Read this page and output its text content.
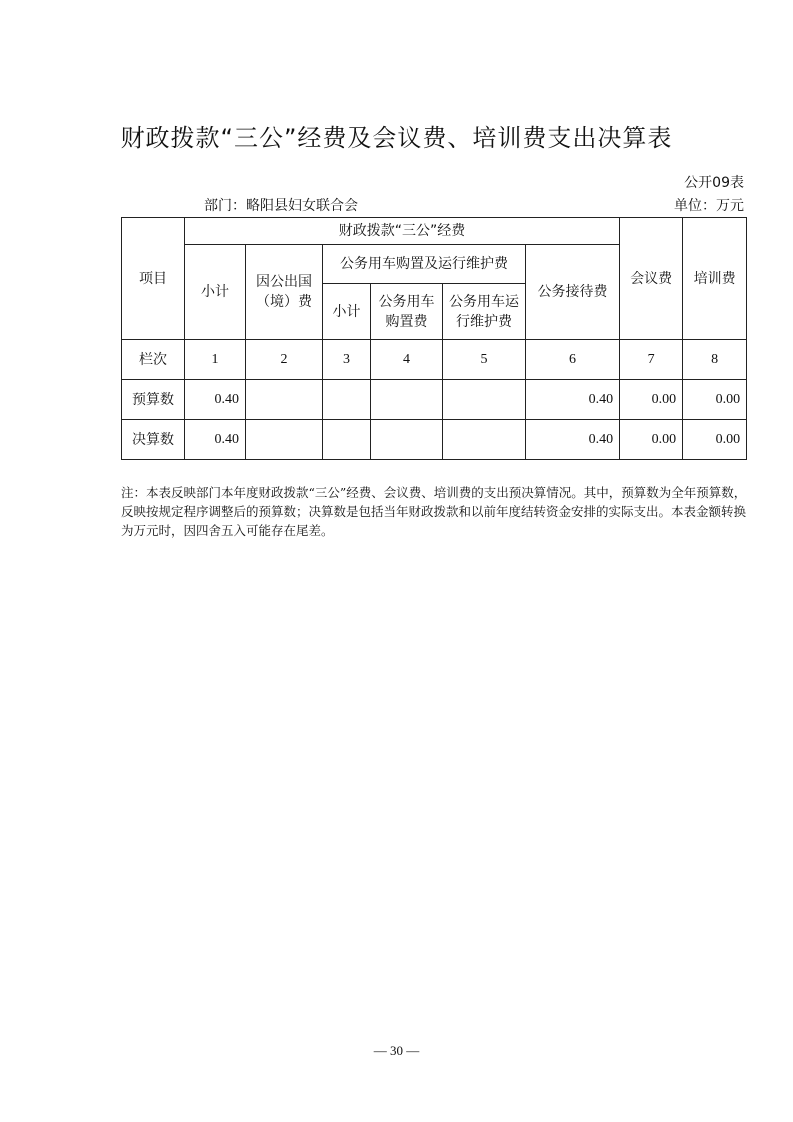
财政拨款“三公”经费及会议费、培训费支出决算表
公开09表
部门：略阳县妇女联合会	单位：万元
项目	财政拨款“三公”经费						会议费	培训费
	小计	因公出国（境）费	公务用车购置及运行维护费			公务接待费		
			小计	公务用车购置费	公务用车运行维护费			
栏次	1	2	3	4	5	6	7	8
预算数	0.40					0.40	0.00	0.00
决算数	0.40					0.40	0.00	0.00
注：本表反映部门本年度财政拨款“三公”经费、会议费、培训费的支出预决算情况。其中，预算数为全年预算数，反映按规定程序调整后的预算数；决算数是包括当年财政拨款和以前年度结转资金安排的实际支出。本表金额转换为万元时，因四舍五入可能存在尾差。
— 30 —
